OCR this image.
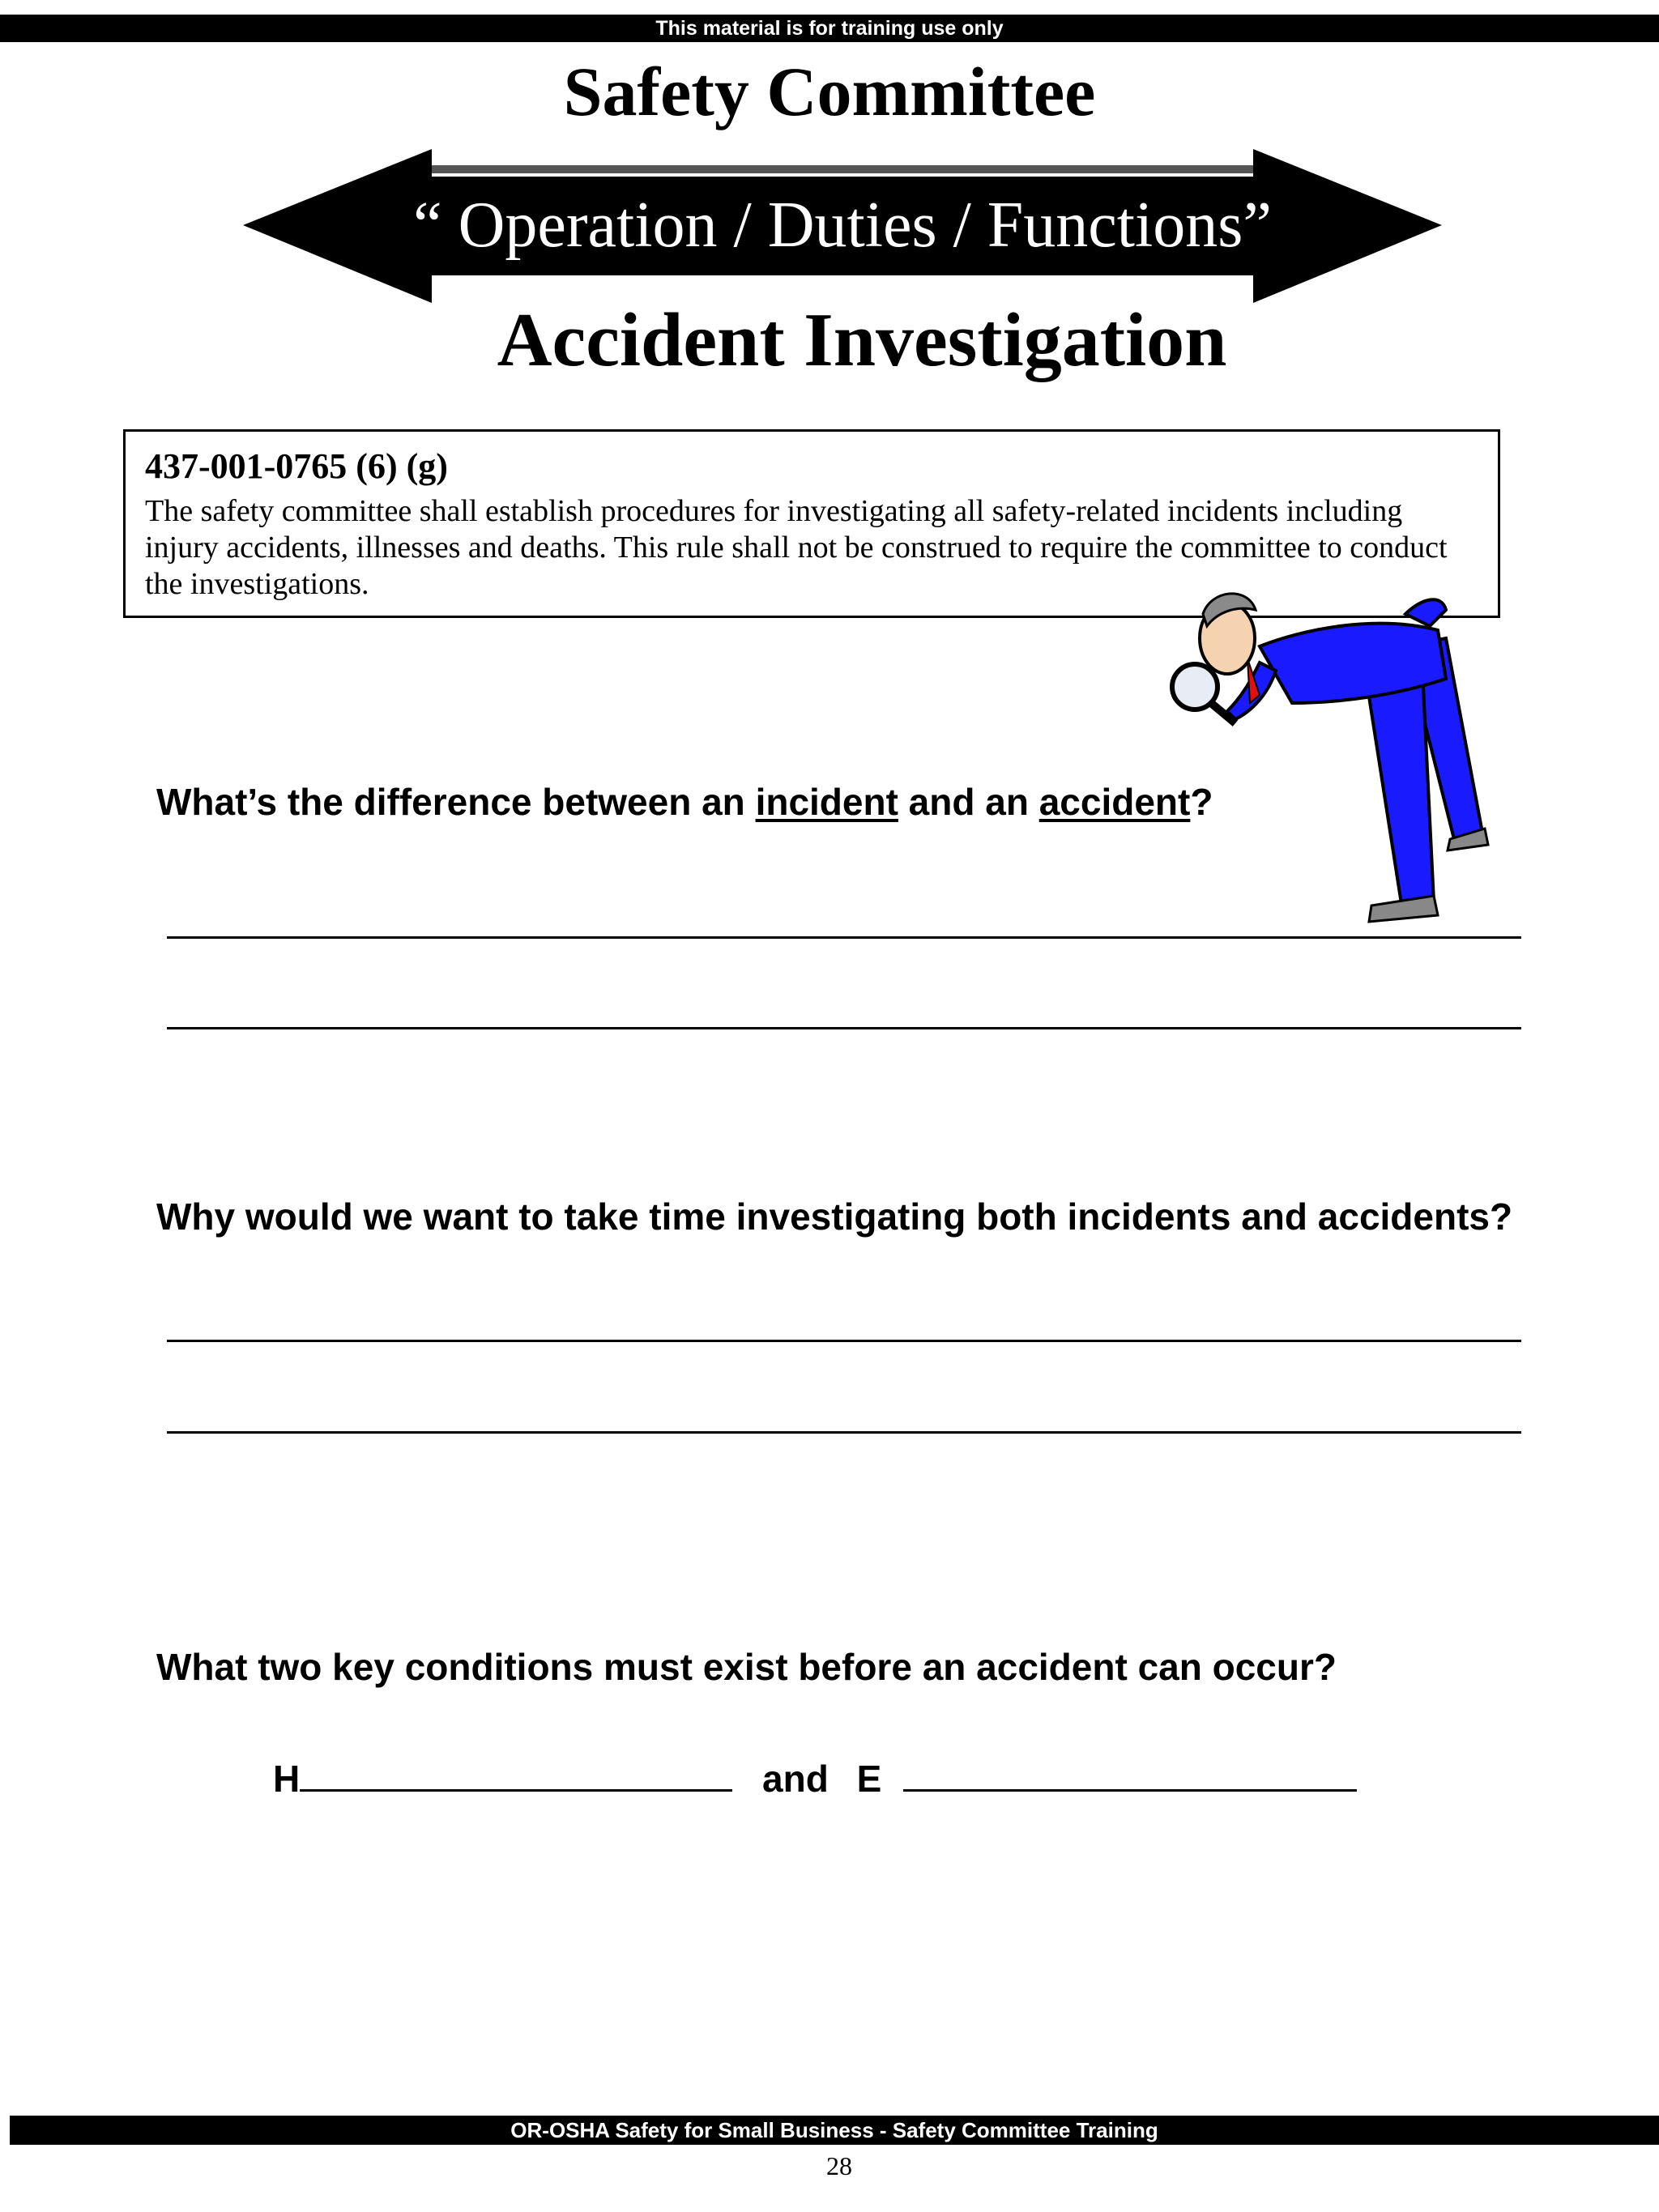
This material is for training use only
Safety Committee
“ Operation / Duties / Functions”
Accident Investigation
437-001-0765 (6) (g)
The safety committee shall establish procedures for investigating all safety-related incidents including injury accidents, illnesses and deaths. This rule shall not be construed to require the committee to conduct the investigations.
What’s the difference between an incident and an accident?
Why would we want to take time investigating both incidents and accidents?
What two key conditions must exist before an accident can occur?
H	and E
OR-OSHA Safety for Small Business - Safety Committee Training
28
